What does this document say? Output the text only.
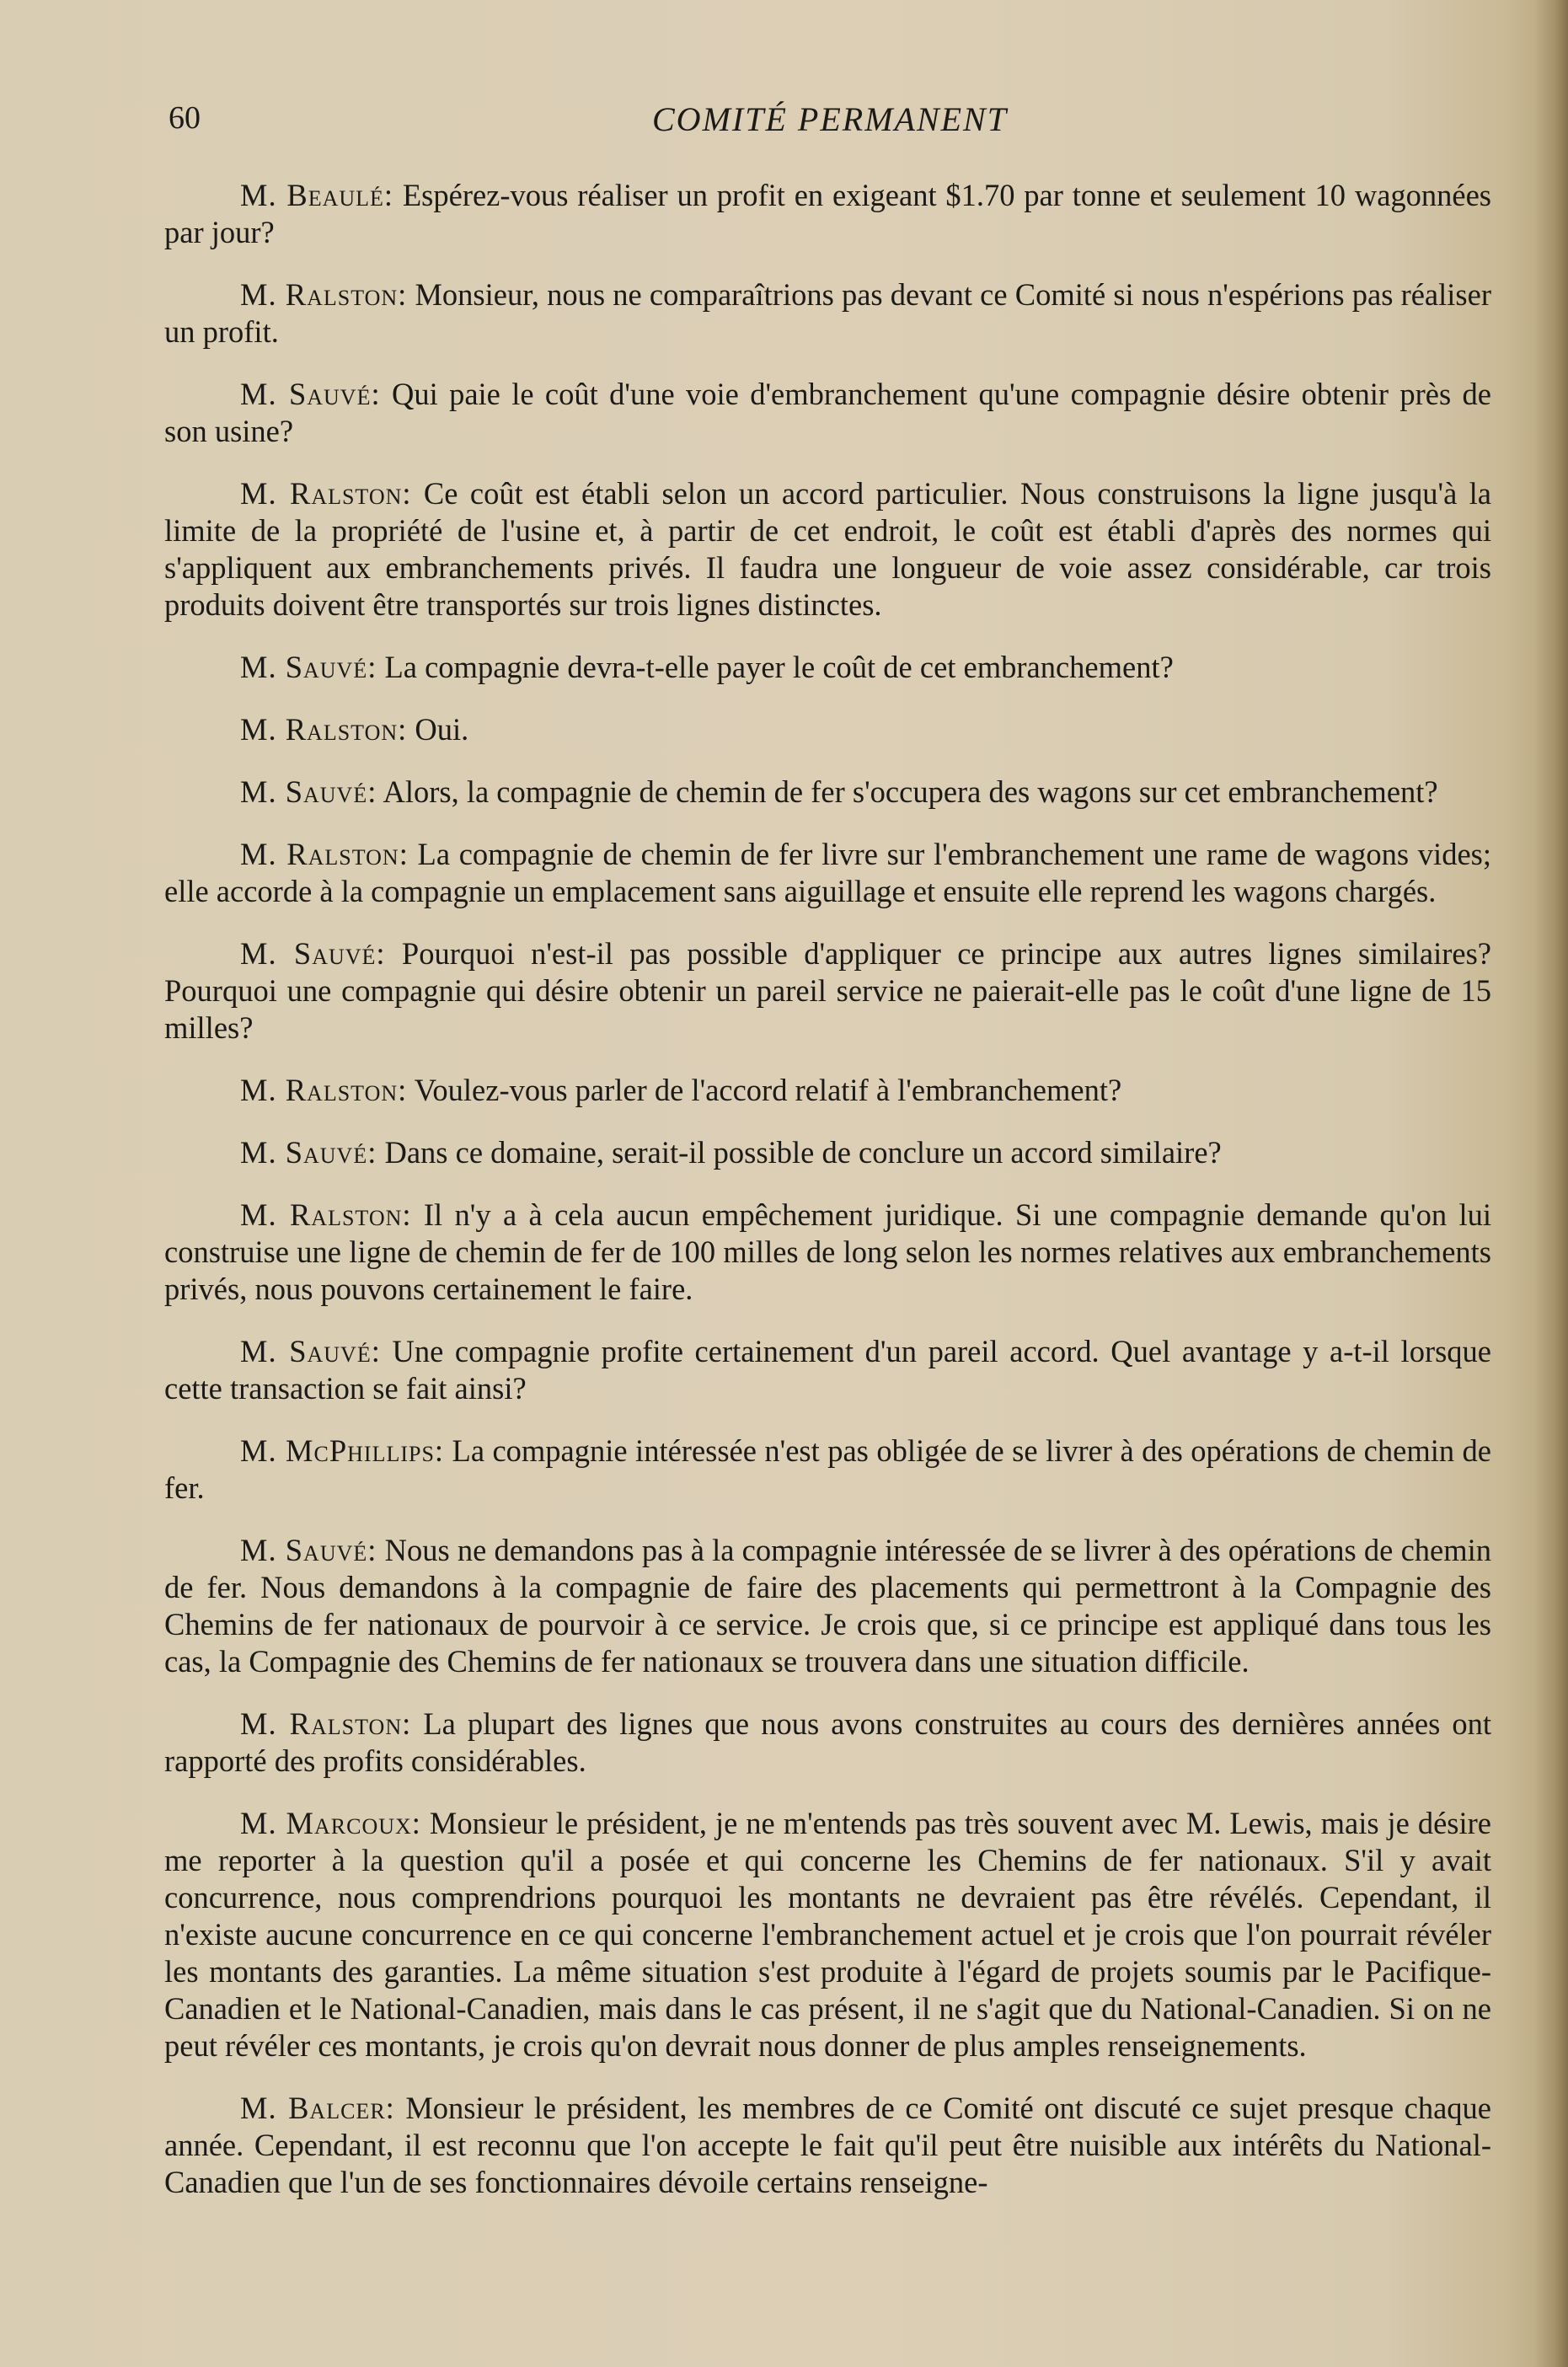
60	COMITÉ PERMANENT

M. Beaulé: Espérez-vous réaliser un profit en exigeant $1.70 par tonne et seulement 10 wagonnées par jour?

M. Ralston: Monsieur, nous ne comparaîtrions pas devant ce Comité si nous n'espérions pas réaliser un profit.

M. Sauvé: Qui paie le coût d'une voie d'embranchement qu'une compagnie désire obtenir près de son usine?

M. Ralston: Ce coût est établi selon un accord particulier. Nous construisons la ligne jusqu'à la limite de la propriété de l'usine et, à partir de cet endroit, le coût est établi d'après des normes qui s'appliquent aux embranchements privés. Il faudra une longueur de voie assez considérable, car trois produits doivent être transportés sur trois lignes distinctes.

M. Sauvé: La compagnie devra-t-elle payer le coût de cet embranchement?

M. Ralston: Oui.

M. Sauvé: Alors, la compagnie de chemin de fer s'occupera des wagons sur cet embranchement?

M. Ralston: La compagnie de chemin de fer livre sur l'embranchement une rame de wagons vides; elle accorde à la compagnie un emplacement sans aiguillage et ensuite elle reprend les wagons chargés.

M. Sauvé: Pourquoi n'est-il pas possible d'appliquer ce principe aux autres lignes similaires? Pourquoi une compagnie qui désire obtenir un pareil service ne paierait-elle pas le coût d'une ligne de 15 milles?

M. Ralston: Voulez-vous parler de l'accord relatif à l'embranchement?

M. Sauvé: Dans ce domaine, serait-il possible de conclure un accord similaire?

M. Ralston: Il n'y a à cela aucun empêchement juridique. Si une compagnie demande qu'on lui construise une ligne de chemin de fer de 100 milles de long selon les normes relatives aux embranchements privés, nous pouvons certainement le faire.

M. Sauvé: Une compagnie profite certainement d'un pareil accord. Quel avantage y a-t-il lorsque cette transaction se fait ainsi?

M. McPhillips: La compagnie intéressée n'est pas obligée de se livrer à des opérations de chemin de fer.

M. Sauvé: Nous ne demandons pas à la compagnie intéressée de se livrer à des opérations de chemin de fer. Nous demandons à la compagnie de faire des placements qui permettront à la Compagnie des Chemins de fer nationaux de pourvoir à ce service. Je crois que, si ce principe est appliqué dans tous les cas, la Compagnie des Chemins de fer nationaux se trouvera dans une situation difficile.

M. Ralston: La plupart des lignes que nous avons construites au cours des dernières années ont rapporté des profits considérables.

M. Marcoux: Monsieur le président, je ne m'entends pas très souvent avec M. Lewis, mais je désire me reporter à la question qu'il a posée et qui concerne les Chemins de fer nationaux. S'il y avait concurrence, nous comprendrions pourquoi les montants ne devraient pas être révélés. Cependant, il n'existe aucune concurrence en ce qui concerne l'embranchement actuel et je crois que l'on pourrait révéler les montants des garanties. La même situation s'est produite à l'égard de projets soumis par le Pacifique-Canadien et le National-Canadien, mais dans le cas présent, il ne s'agit que du National-Canadien. Si on ne peut révéler ces montants, je crois qu'on devrait nous donner de plus amples renseignements.

M. Balcer: Monsieur le président, les membres de ce Comité ont discuté ce sujet presque chaque année. Cependant, il est reconnu que l'on accepte le fait qu'il peut être nuisible aux intérêts du National-Canadien que l'un de ses fonctionnaires dévoile certains renseigne-
